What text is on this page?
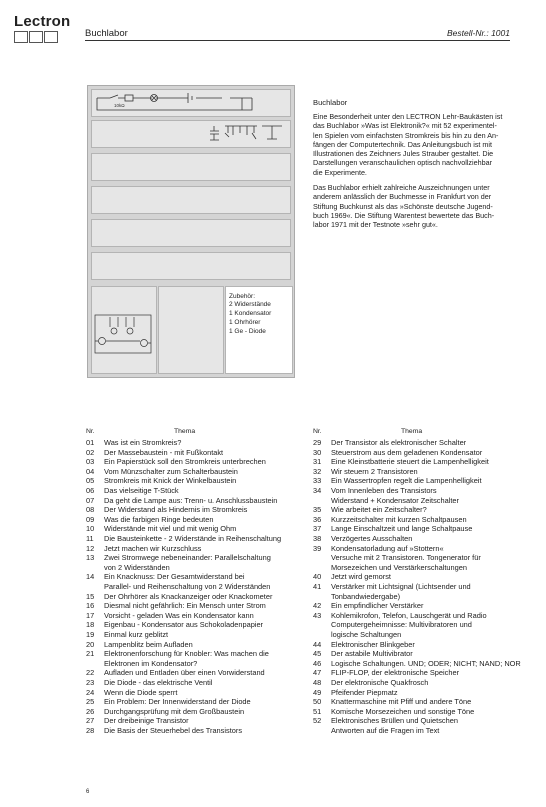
Lectron
Buchlabor	Bestell-Nr.: 1001
10kΩ
Zubehör:
2 Widerstände
1 Kondensator
1 Ohrhörer
1 Ge - Diode
Buchlabor
Eine Besonderheit unter den LECTRON Lehr-Baukästen ist
das Buchlabor »Was ist Elektronik?« mit 52 experimentel-
len Spielen vom einfachsten Stromkreis bis hin zu den An-
fängen der Computertechnik. Das Anleitungsbuch ist mit
Illustrationen des Zeichners Jules Strauber gestaltet. Die
Darstellungen veranschaulichen optisch nachvollziehbar
die Experimente.
Das Buchlabor erhielt zahlreiche Auszeichnungen unter
anderem anlässlich der Buchmesse in Frankfurt von der
Stiftung Buchkunst als das »Schönste deutsche Jugend-
buch 1969«. Die Stiftung Warentest bewertete das Buch-
labor 1971 mit der Testnote »sehr gut«.
Nr.	Thema
01 Was ist ein Stromkreis?
02 Der Massebaustein - mit Fußkontakt
03 Ein Papierstück soll den Stromkreis unterbrechen
04 Vom Münzschalter zum Schalterbaustein
05 Stromkreis mit Knick der Winkelbaustein
06 Das vielseitige T-Stück
07 Da geht die Lampe aus: Trenn- u. Anschlussbaustein
08 Der Widerstand als Hindernis im Stromkreis
09 Was die farbigen Ringe bedeuten
10 Widerstände mit viel und mit wenig Ohm
11 Die Bausteinkette - 2 Widerstände in Reihenschaltung
12 Jetzt machen wir Kurzschluss
13 Zwei Stromwege nebeneinander: Parallelschaltung
von 2 Widerständen
14 Ein Knacknuss: Der Gesamtwiderstand bei
Parallel- und Reihenschaltung von 2 Widerständen
15 Der Ohrhörer als Knackanzeiger oder Knackometer
16 Diesmal nicht gefährlich: Ein Mensch unter Strom
17 Vorsicht - geladen Was ein Kondensator kann
18 Eigenbau - Kondensator aus Schokoladenpapier
19 Einmal kurz geblitzt
20 Lampenblitz beim Aufladen
21 Elektronenforschung für Knobler: Was machen die
Elektronen im Kondensator?
22 Aufladen und Entladen über einen Vorwiderstand
23 Die Diode - das elektrische Ventil
24 Wenn die Diode sperrt
25 Ein Problem: Der Innenwiderstand der Diode
26 Durchgangsprüfung mit dem Großbaustein
27 Der dreibeinige Transistor
28 Die Basis der Steuerhebel des Transistors
Nr.	Thema
29 Der Transistor als elektronischer Schalter
30 Steuerstrom aus dem geladenen Kondensator
31 Eine Kleinstbatterie steuert die Lampenhelligkeit
32 Wir steuern 2 Transistoren
33 Ein Wassertropfen regelt die Lampenhelligkeit
34 Vom Innenleben des Transistors
Widerstand + Kondensator Zeitschalter
35 Wie arbeitet ein Zeitschalter?
36 Kurzzeitschalter mit kurzen Schaltpausen
37 Lange Einschaltzeit und lange Schaltpause
38 Verzögertes Ausschalten
39 Kondensatorladung auf »Stottern«
Versuche mit 2 Transistoren. Tongenerator für
Morsezeichen und Verstärkerschaltungen
40 Jetzt wird gemorst
41 Verstärker mit Lichtsignal (Lichtsender und
Tonbandwiedergabe)
42 Ein empfindlicher Verstärker
43 Kohlemikrofon, Telefon, Lauschgerät und Radio
Computergeheimnisse: Multivibratoren und
logische Schaltungen
44 Elektronischer Blinkgeber
45 Der astabile Multivibrator
46 Logische Schaltungen. UND; ODER; NICHT; NAND; NOR
47 FLIP-FLOP, der elektronische Speicher
48 Der elektronische Quakfrosch
49 Pfeifender Piepmatz
50 Knattermaschine mit Pfiff und andere Töne
51 Komische Morsezeichen und sonstige Töne
52 Elektronisches Brüllen und Quietschen
Antworten auf die Fragen im Text
6
